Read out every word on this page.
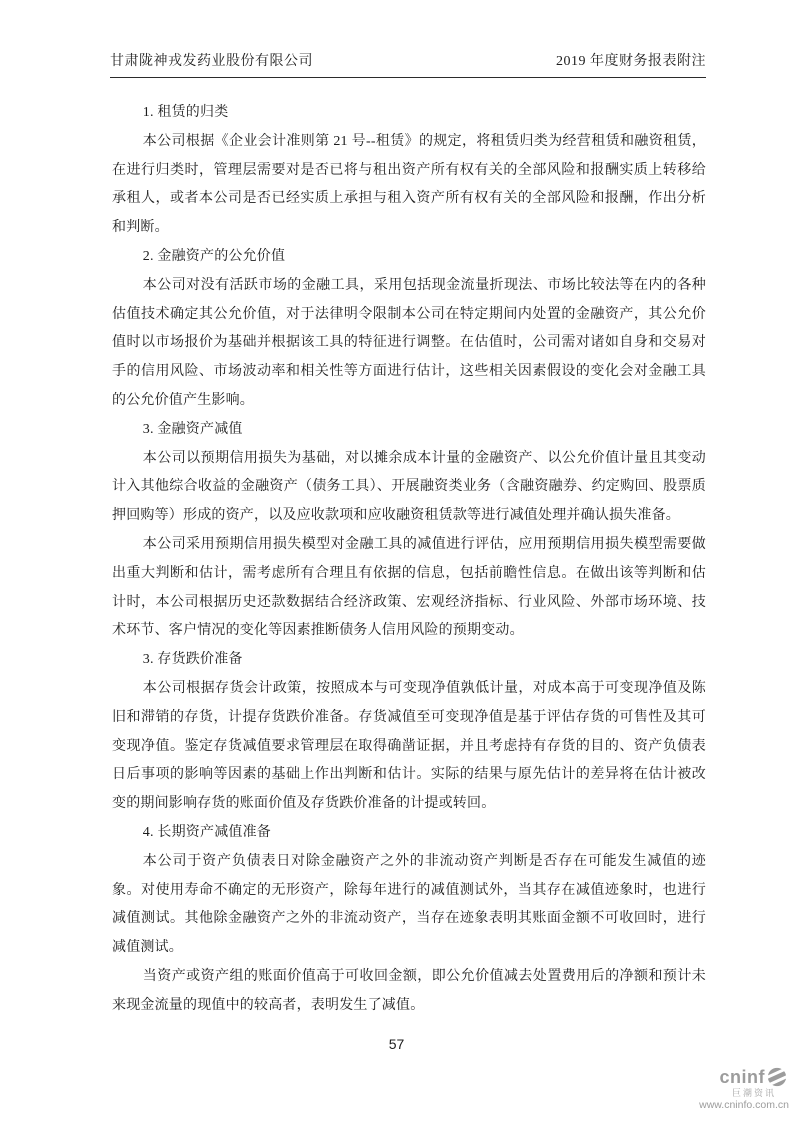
甘肃陇神戎发药业股份有限公司	2019 年度财务报表附注

1. 租赁的归类

本公司根据《企业会计准则第 21 号--租赁》的规定，将租赁归类为经营租赁和融资租赁，在进行归类时，管理层需要对是否已将与租出资产所有权有关的全部风险和报酬实质上转移给承租人，或者本公司是否已经实质上承担与租入资产所有权有关的全部风险和报酬，作出分析和判断。

2. 金融资产的公允价值

本公司对没有活跃市场的金融工具，采用包括现金流量折现法、市场比较法等在内的各种估值技术确定其公允价值，对于法律明令限制本公司在特定期间内处置的金融资产，其公允价值时以市场报价为基础并根据该工具的特征进行调整。在估值时，公司需对诸如自身和交易对手的信用风险、市场波动率和相关性等方面进行估计，这些相关因素假设的变化会对金融工具的公允价值产生影响。

3. 金融资产减值

本公司以预期信用损失为基础，对以摊余成本计量的金融资产、以公允价值计量且其变动计入其他综合收益的金融资产（债务工具）、开展融资类业务（含融资融券、约定购回、股票质押回购等）形成的资产，以及应收款项和应收融资租赁款等进行减值处理并确认损失准备。

本公司采用预期信用损失模型对金融工具的减值进行评估，应用预期信用损失模型需要做出重大判断和估计，需考虑所有合理且有依据的信息，包括前瞻性信息。在做出该等判断和估计时，本公司根据历史还款数据结合经济政策、宏观经济指标、行业风险、外部市场环境、技术环节、客户情况的变化等因素推断债务人信用风险的预期变动。

3. 存货跌价准备

本公司根据存货会计政策，按照成本与可变现净值孰低计量，对成本高于可变现净值及陈旧和滞销的存货，计提存货跌价准备。存货减值至可变现净值是基于评估存货的可售性及其可变现净值。鉴定存货减值要求管理层在取得确凿证据，并且考虑持有存货的目的、资产负债表日后事项的影响等因素的基础上作出判断和估计。实际的结果与原先估计的差异将在估计被改变的期间影响存货的账面价值及存货跌价准备的计提或转回。

4. 长期资产减值准备

本公司于资产负债表日对除金融资产之外的非流动资产判断是否存在可能发生减值的迹象。对使用寿命不确定的无形资产，除每年进行的减值测试外，当其存在减值迹象时，也进行减值测试。其他除金融资产之外的非流动资产，当存在迹象表明其账面金额不可收回时，进行减值测试。

当资产或资产组的账面价值高于可收回金额，即公允价值减去处置费用后的净额和预计未来现金流量的现值中的较高者，表明发生了减值。

57
cninf
巨潮资讯
www.cninfo.com.cn
